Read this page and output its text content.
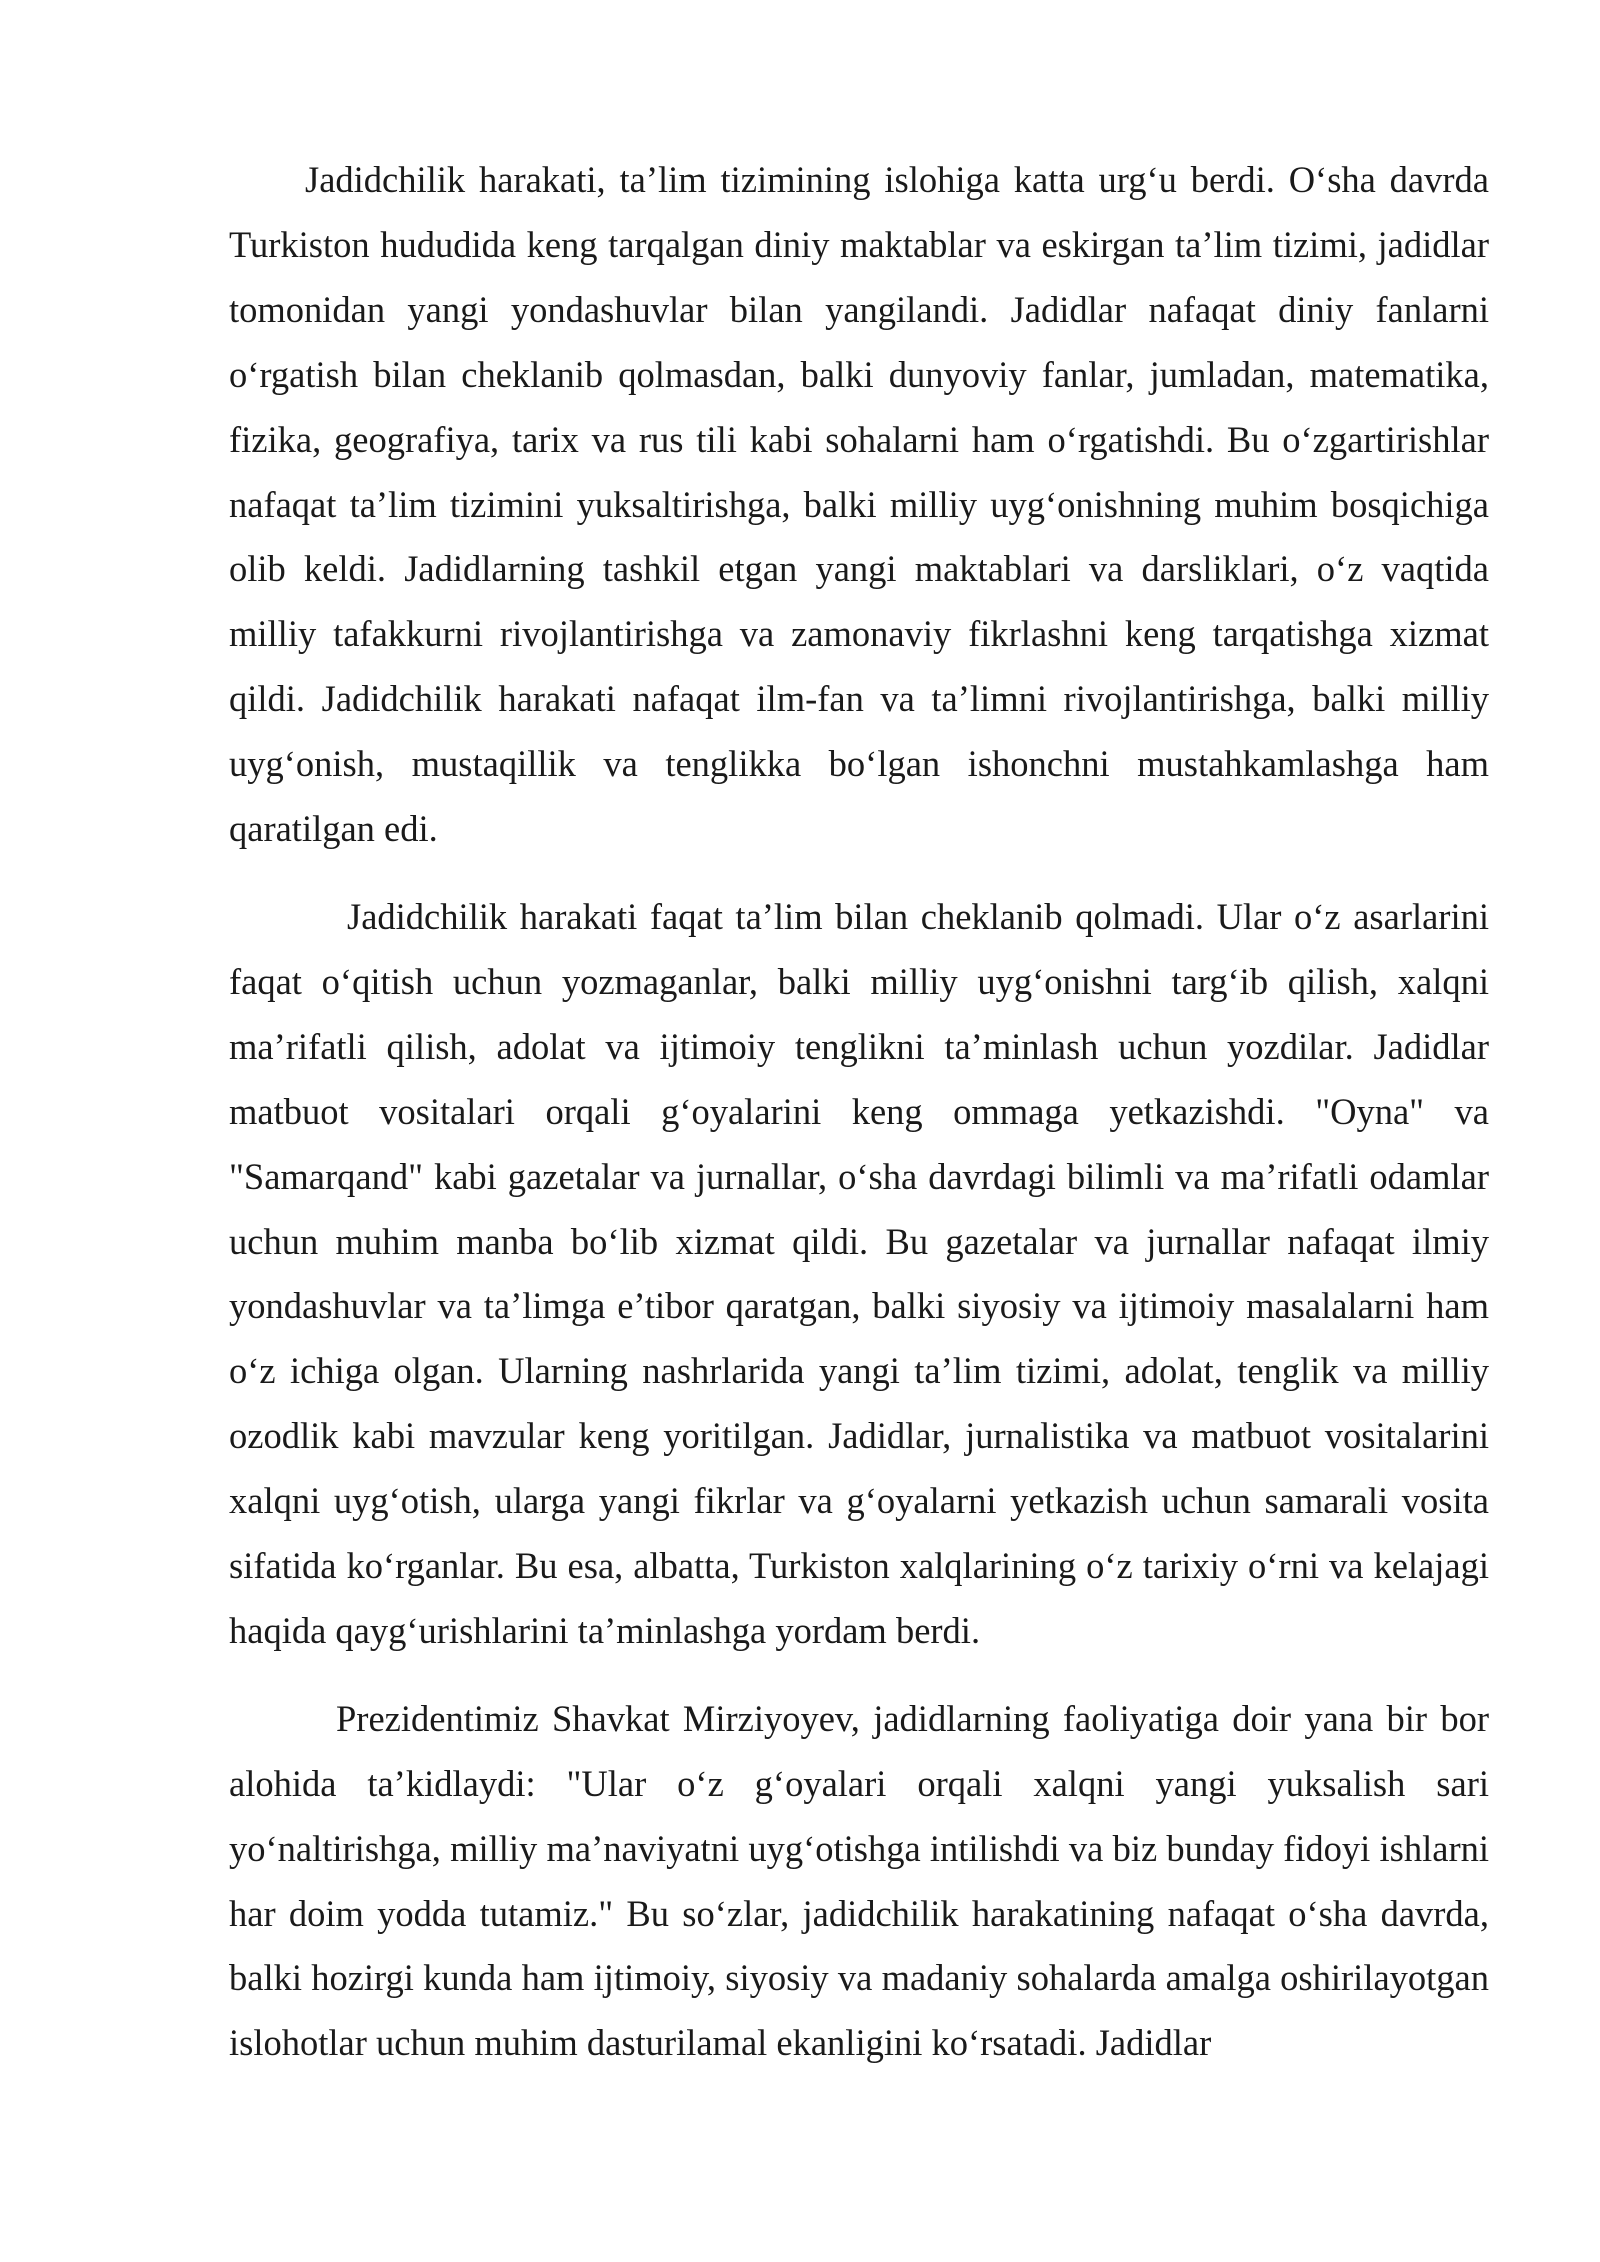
Jadidchilik harakati, ta’lim tizimining islohiga katta urg‘u berdi. O‘sha davrda Turkiston hududida keng tarqalgan diniy maktablar va eskirgan ta’lim tizimi, jadidlar tomonidan yangi yondashuvlar bilan yangilandi. Jadidlar nafaqat diniy fanlarni o‘rgatish bilan cheklanib qolmasdan, balki dunyoviy fanlar, jumladan, matematika, fizika, geografiya, tarix va rus tili kabi sohalarni ham o‘rgatishdi. Bu o‘zgartirishlar nafaqat ta’lim tizimini yuksaltirishga, balki milliy uyg‘onishning muhim bosqichiga olib keldi. Jadidlarning tashkil etgan yangi maktablari va darsliklari, o‘z vaqtida milliy tafakkurni rivojlantirishga va zamonaviy fikrlashni keng tarqatishga xizmat qildi. Jadidchilik harakati nafaqat ilm-fan va ta’limni rivojlantirishga, balki milliy uyg‘onish, mustaqillik va tenglikka bo‘lgan ishonchni mustahkamlashga ham qaratilgan edi.

Jadidchilik harakati faqat ta’lim bilan cheklanib qolmadi. Ular o‘z asarlarini faqat o‘qitish uchun yozmaganlar, balki milliy uyg‘onishni targ‘ib qilish, xalqni ma’rifatli qilish, adolat va ijtimoiy tenglikni ta’minlash uchun yozdilar. Jadidlar matbuot vositalari orqali g‘oyalarini keng ommaga yetkazishdi. "Oyna" va "Samarqand" kabi gazetalar va jurnallar, o‘sha davrdagi bilimli va ma’rifatli odamlar uchun muhim manba bo‘lib xizmat qildi. Bu gazetalar va jurnallar nafaqat ilmiy yondashuvlar va ta’limga e’tibor qaratgan, balki siyosiy va ijtimoiy masalalarni ham o‘z ichiga olgan. Ularning nashrlarida yangi ta’lim tizimi, adolat, tenglik va milliy ozodlik kabi mavzular keng yoritilgan. Jadidlar, jurnalistika va matbuot vositalarini xalqni uyg‘otish, ularga yangi fikrlar va g‘oyalarni yetkazish uchun samarali vosita sifatida ko‘rganlar. Bu esa, albatta, Turkiston xalqlarining o‘z tarixiy o‘rni va kelajagi haqida qayg‘urishlarini ta’minlashga yordam berdi.

Prezidentimiz Shavkat Mirziyoyev, jadidlarning faoliyatiga doir yana bir bor alohida ta’kidlaydi: "Ular o‘z g‘oyalari orqali xalqni yangi yuksalish sari yo‘naltirishga, milliy ma’naviyatni uyg‘otishga intilishdi va biz bunday fidoyi ishlarni har doim yodda tutamiz." Bu so‘zlar, jadidchilik harakatining nafaqat o‘sha davrda, balki hozirgi kunda ham ijtimoiy, siyosiy va madaniy sohalarda amalga oshirilayotgan islohotlar uchun muhim dasturilamal ekanligini ko‘rsatadi. Jadidlar
